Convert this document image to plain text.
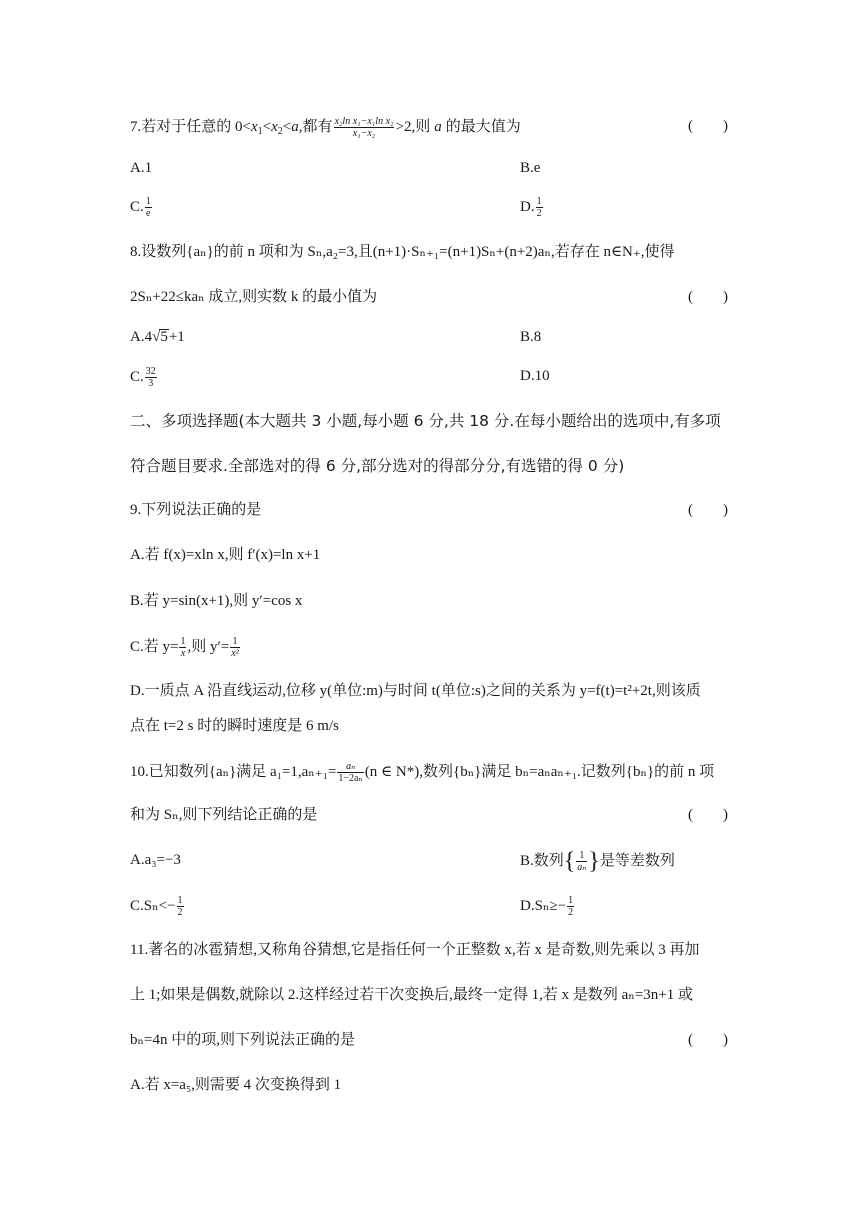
7.若对于任意的 $0<x_1<x_2<a$,都有 $\frac{\text{x₂ln x₁−x₁ln x₂}}{\text{x₁−x₂}} >2$,则 a 的最大值为	(　　)
A.1	B.e
C. $\frac{1}{e}$	D. $\frac{1}{2}$
8.设数列{aₙ}的前 n 项和为 Sₙ,a₂=3,且(n+1)·Sₙ₊₁=(n+1)Sₙ+(n+2)aₙ,若存在 n∈N₊,使得
2Sₙ+22≤kaₙ 成立,则实数 k 的最小值为	(　　)
A.4√5+1	B.8
C. $\frac{32}{3}$	D.10
二、多项选择题(本大题共 3 小题,每小题 6 分,共 18 分.在每小题给出的选项中,有多项
符合题目要求.全部选对的得 6 分,部分选对的得部分分,有选错的得 0 分)
9.下列说法正确的是	(　　)
A.若 f(x)=xln x,则 f′(x)=ln x+1
B.若 y=sin(x+1),则 y′=cos x
C.若 $y= \frac{1}{x}$ ,则 $y'= \frac{1}{\text{x²}}$
D.一质点 A 沿直线运动,位移 y(单位:m)与时间 t(单位:s)之间的关系为 y=f(t)=t²+2t,则该质
点在 t=2 s 时的瞬时速度是 6 m/s
10.已知数列{aₙ}满足 $a_1=1,a_{n+1}= \frac{\text{aₙ}}{\text{1−2aₙ}} (n$ ∈ N*),数列{bₙ}满足 bₙ=aₙaₙ₊₁.记数列{bₙ}的前 n 项
和为 Sₙ,则下列结论正确的是	(　　)
A.a₃=−3	B.数列{ $\frac{1}{\text{aₙ}}$ }是等差数列
$C.S_n<- \frac{1}{2}$	$D.S_n\ge- \frac{1}{2}$
11.著名的冰雹猜想,又称角谷猜想,它是指任何一个正整数 x,若 x 是奇数,则先乘以 3 再加
上 1;如果是偶数,就除以 2.这样经过若干次变换后,最终一定得 1,若 x 是数列 aₙ=3n+1 或
bₙ=4n 中的项,则下列说法正确的是	(　　)
A.若 x=a₅,则需要 4 次变换得到 1
